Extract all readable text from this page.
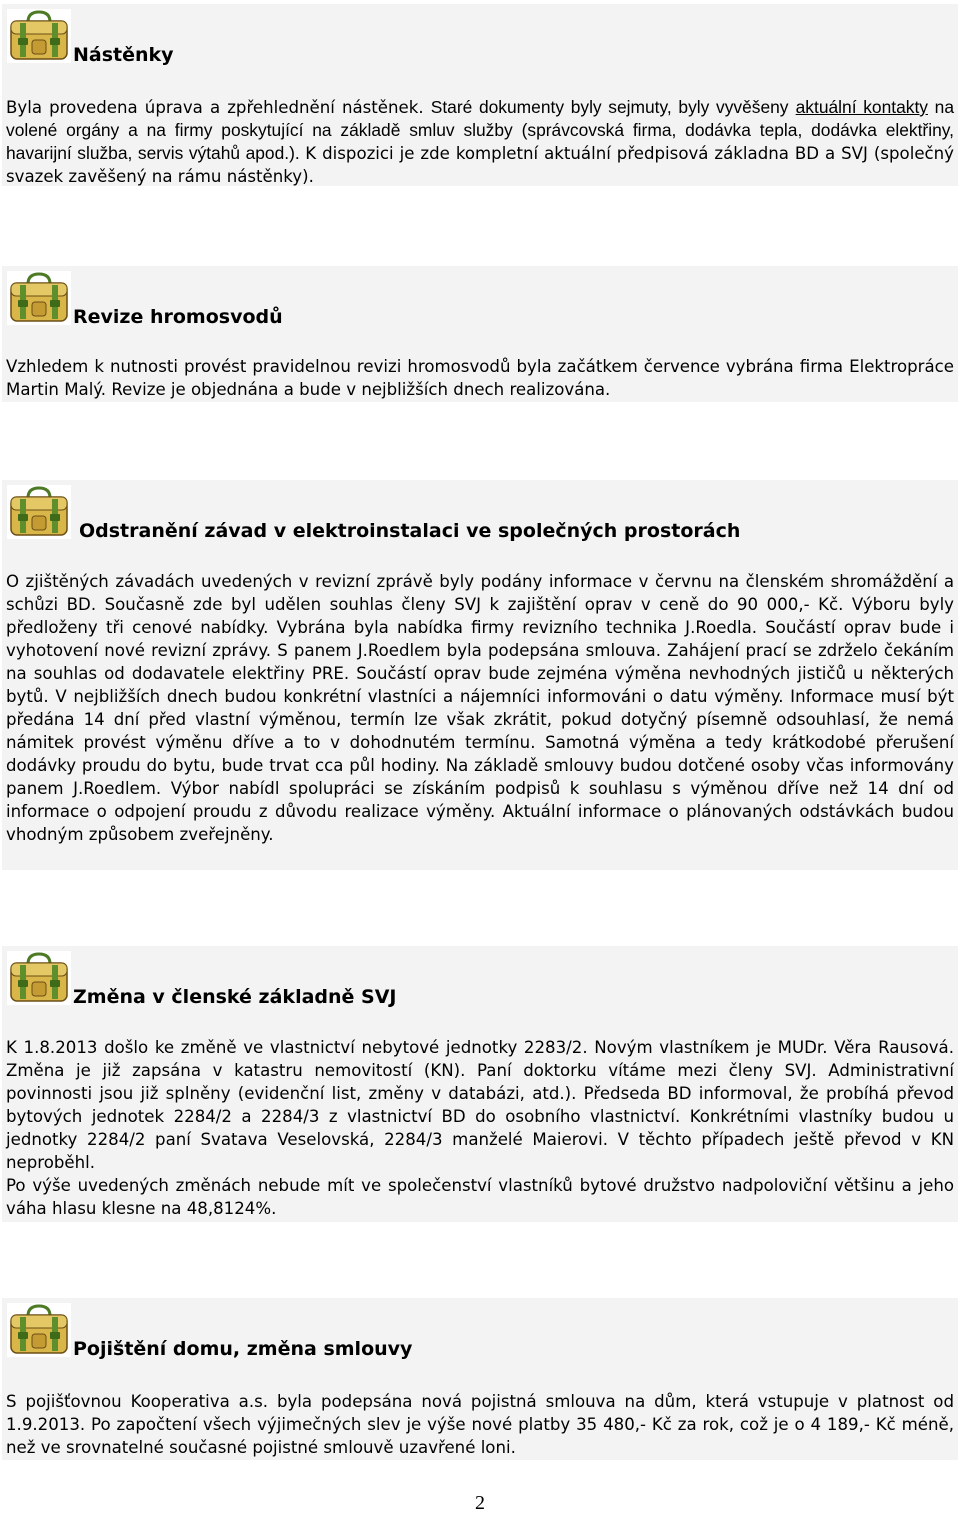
Nástěnky

Byla provedena úprava a zpřehlednění nástěnek. Staré dokumenty byly sejmuty, byly vyvěšeny aktuální kontakty na volené orgány a na firmy poskytující na základě smluv služby (správcovská firma, dodávka tepla, dodávka elektřiny, havarijní služba, servis výtahů apod.). K dispozici je zde kompletní aktuální předpisová základna BD a SVJ (společný svazek zavěšený na rámu nástěnky).

Revize hromosvodů

Vzhledem k nutnosti provést pravidelnou revizi hromosvodů byla začátkem července vybrána firma Elektropráce Martin Malý. Revize je objednána a bude v nejbližších dnech realizována.

Odstranění závad v elektroinstalaci ve společných prostorách

O zjištěných závadách uvedených v revizní zprávě byly podány informace v červnu na členském shromáždění a schůzi BD. Současně zde byl udělen souhlas členy SVJ k zajištění oprav v ceně do 90 000,- Kč. Výboru byly předloženy tři cenové nabídky. Vybrána byla nabídka firmy revizního technika J.Roedla. Součástí oprav bude i vyhotovení nové revizní zprávy. S panem J.Roedlem byla podepsána smlouva. Zahájení prací se zdrželo čekáním na souhlas od dodavatele elektřiny PRE. Součástí oprav bude zejména výměna nevhodných jističů u některých bytů. V nejbližších dnech budou konkrétní vlastníci a nájemníci informováni o datu výměny. Informace musí být předána 14 dní před vlastní výměnou, termín lze však zkrátit, pokud dotyčný písemně odsouhlasí, že nemá námitek provést výměnu dříve a to v dohodnutém termínu. Samotná výměna a tedy krátkodobé přerušení dodávky proudu do bytu, bude trvat cca půl hodiny. Na základě smlouvy budou dotčené osoby včas informovány panem J.Roedlem. Výbor nabídl spolupráci se získáním podpisů k souhlasu s výměnou dříve než 14 dní od informace o odpojení proudu z důvodu realizace výměny. Aktuální informace o plánovaných odstávkách budou vhodným způsobem zveřejněny.

Změna v členské základně SVJ

K 1.8.2013 došlo ke změně ve vlastnictví nebytové jednotky 2283/2. Novým vlastníkem je MUDr. Věra Rausová. Změna je již zapsána v katastru nemovitostí (KN). Paní doktorku vítáme mezi členy SVJ. Administrativní povinnosti jsou již splněny (evidenční list, změny v databázi, atd.). Předseda BD informoval, že probíhá převod bytových jednotek 2284/2 a 2284/3 z vlastnictví BD do osobního vlastnictví. Konkrétními vlastníky budou u jednotky 2284/2 paní Svatava Veselovská, 2284/3 manželé Maierovi. V těchto případech ještě převod v KN neproběhl.
Po výše uvedených změnách nebude mít ve společenství vlastníků bytové družstvo nadpoloviční většinu a jeho váha hlasu klesne na 48,8124%.

Pojištění domu, změna smlouvy

S pojišťovnou Kooperativa a.s. byla podepsána nová pojistná smlouva na dům, která vstupuje v platnost od 1.9.2013. Po započtení všech výjimečných slev je výše nové platby 35 480,- Kč za rok, což je o 4 189,- Kč méně, než ve srovnatelné současné pojistné smlouvě uzavřené loni.

2
